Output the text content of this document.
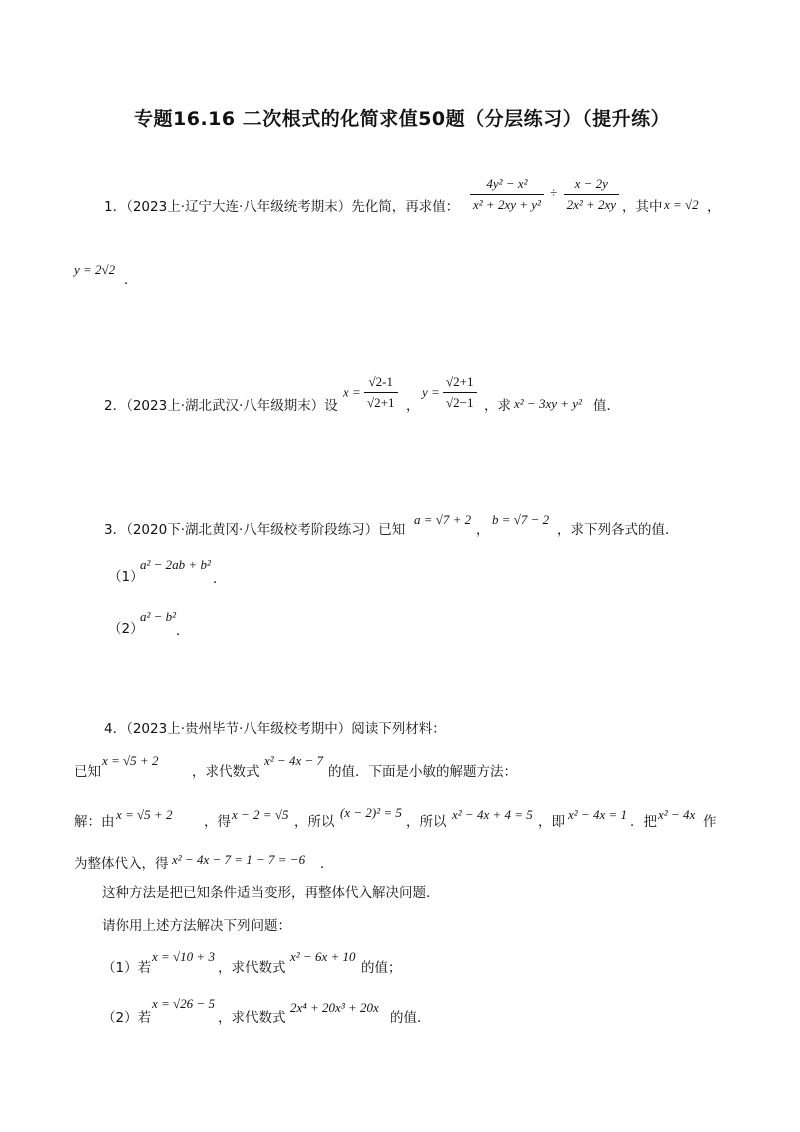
专题16.16 二次根式的化简求值50题（分层练习）（提升练）
1．（2023上·辽宁大连·八年级统考期末）先化简，再求值： $\frac{\text{4y² − x²}}{\text{x² + 2xy + y²}} \div \frac{x - 2y}{\text{2x² + 2xy}}$ ，其中 x = √2 ，
y = 2√2
．
2．（2023上·湖北武汉·八年级期末）设
$x = \frac{√2-1}{√2+1}$ ，
$y = \frac{√2+1}{√2-1}$ ，求 x² − 3xy + y² 值．
3．（2020下·湖北黄冈·八年级校考阶段练习）已知
a = √7 + 2
，
b = √7 − 2
，求下列各式的值．
（1）
a² − 2ab + b²
．
（2）
a² − b²
．
4．（2023上·贵州毕节·八年级校考期中）阅读下列材料：
已知
x = √5 + 2
，求代数式
x² − 4x − 7
的值．下面是小敏的解题方法：
解：由 x = √5 + 2 ，得 x − 2 = √5 ，所以
(x − 2)² = 5
，所以 x² − 4x + 4 = 5 ，即 x² − 4x = 1 ．把 x² − 4x 作
为整体代入，得 x² − 4x − 7 = 1 − 7 = −6 ．
这种方法是把已知条件适当变形，再整体代入解决问题．
请你用上述方法解决下列问题：
（1）若
x = √10 + 3
，求代数式
x² − 6x + 10
的值；
（2）若
x = √26 − 5
，求代数式
2x⁴ + 20x³ + 20x
的值．
